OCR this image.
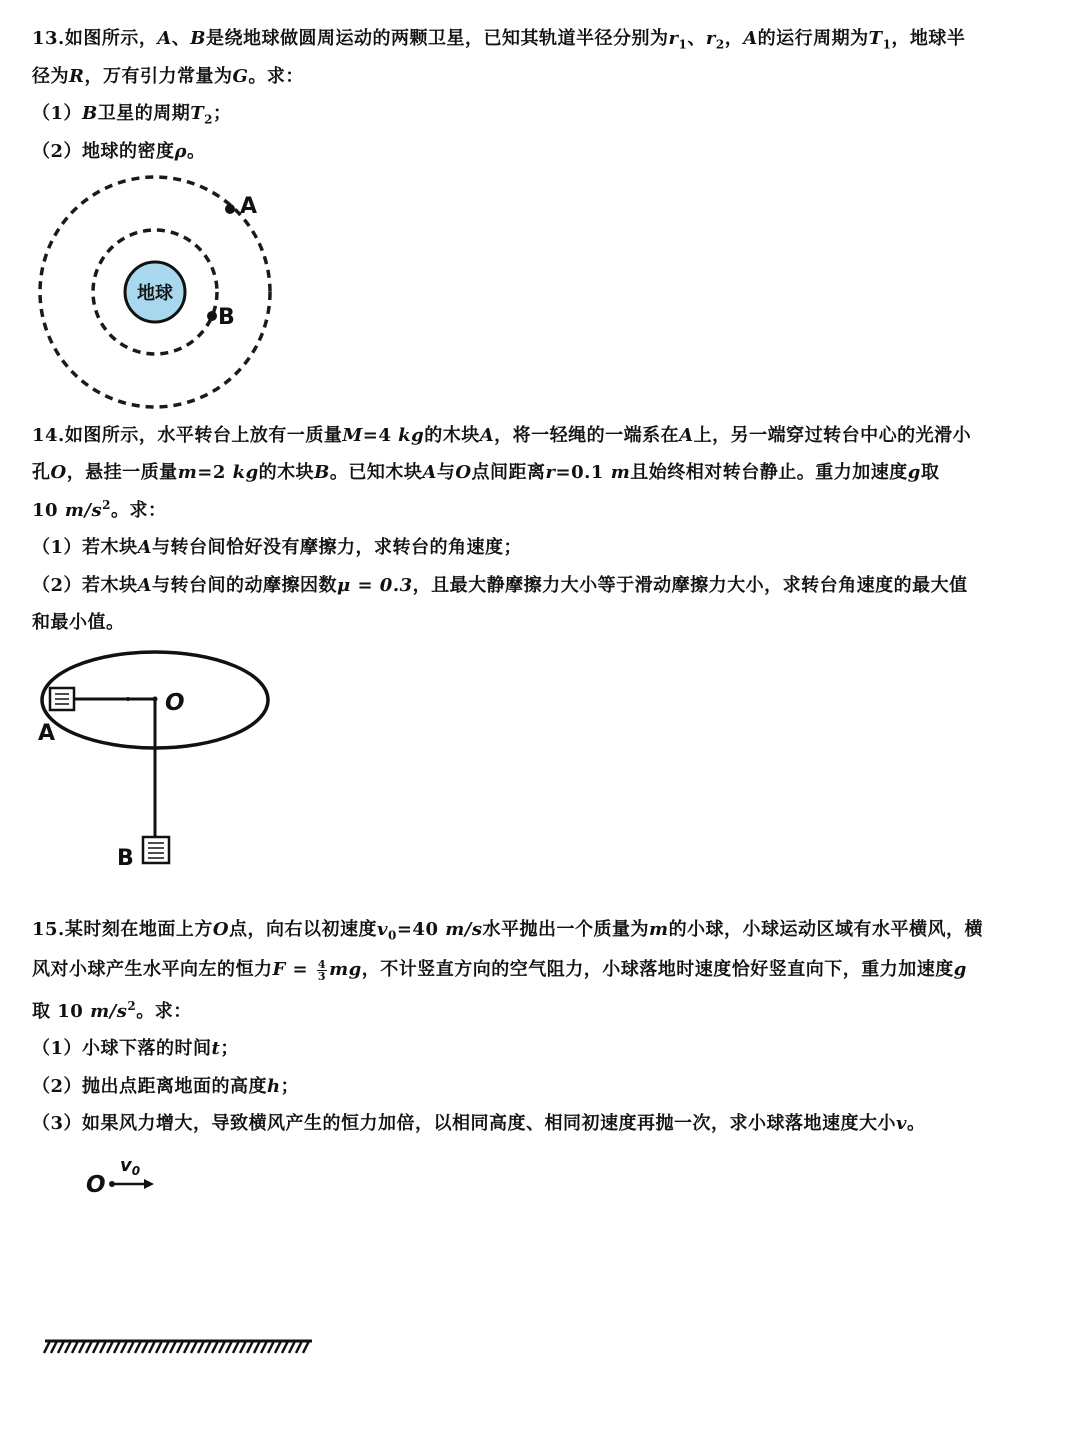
13.如图所示，A、B是绕地球做圆周运动的两颗卫星，已知其轨道半径分别为$r_1$、$r_2$，A的运行周期为$T_1$，地球半
径为R，万有引力常量为G。求：
（1）B卫星的周期$T_2$；
（2）地球的密度ρ。
地球
A
B
O
A
B
O
$v_0$
14.如图所示，水平转台上放有一质量M=4 kg的木块A，将一轻绳的一端系在A上，另一端穿过转台中心的光滑小
孔O，悬挂一质量m=2 kg的木块B。已知木块A与O点间距离r=0.1 m且始终相对转台静止。重力加速度g取
10 $m/s^2$。求：
（1）若木块A与转台间恰好没有摩擦力，求转台的角速度；
（2）若木块A与转台间的动摩擦因数μ = 0.3，且最大静摩擦力大小等于滑动摩擦力大小，求转台角速度的最大值
和最小值。
15.某时刻在地面上方O点，向右以初速度$v_0=40$ m/s水平抛出一个质量为m的小球，小球运动区域有水平横风，横
风对小球产生水平向左的恒力$F = \frac{4}{3}$ mg，不计竖直方向的空气阻力，小球落地时速度恰好竖直向下，重力加速度g
取 10 $m/s^2$。求：
（1）小球下落的时间t；
（2）抛出点距离地面的高度h；
（3）如果风力增大，导致横风产生的恒力加倍，以相同高度、相同初速度再抛一次，求小球落地速度大小v。
